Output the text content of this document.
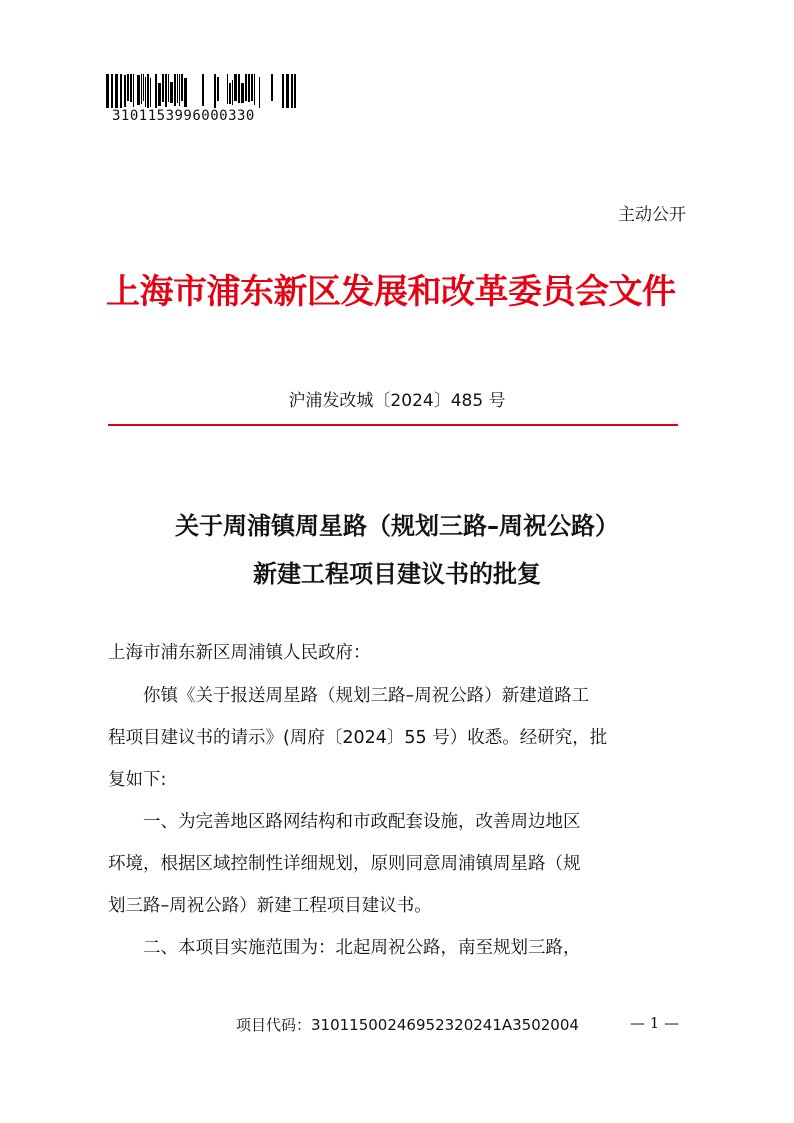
3101153996000330
主动公开
上海市浦东新区发展和改革委员会文件
沪浦发改城〔2024〕485 号
关于周浦镇周星路（规划三路–周祝公路）
新建工程项目建议书的批复
上海市浦东新区周浦镇人民政府：
　　你镇《关于报送周星路（规划三路–周祝公路）新建道路工
程项目建议书的请示》(周府〔2024〕55 号）收悉。经研究，批
复如下:
　　一、为完善地区路网结构和市政配套设施，改善周边地区
环境，根据区域控制性详细规划，原则同意周浦镇周星路（规
划三路–周祝公路）新建工程项目建议书。
　　二、本项目实施范围为：北起周祝公路，南至规划三路，
项目代码：31011500246952320241A3502004	— 1 —
